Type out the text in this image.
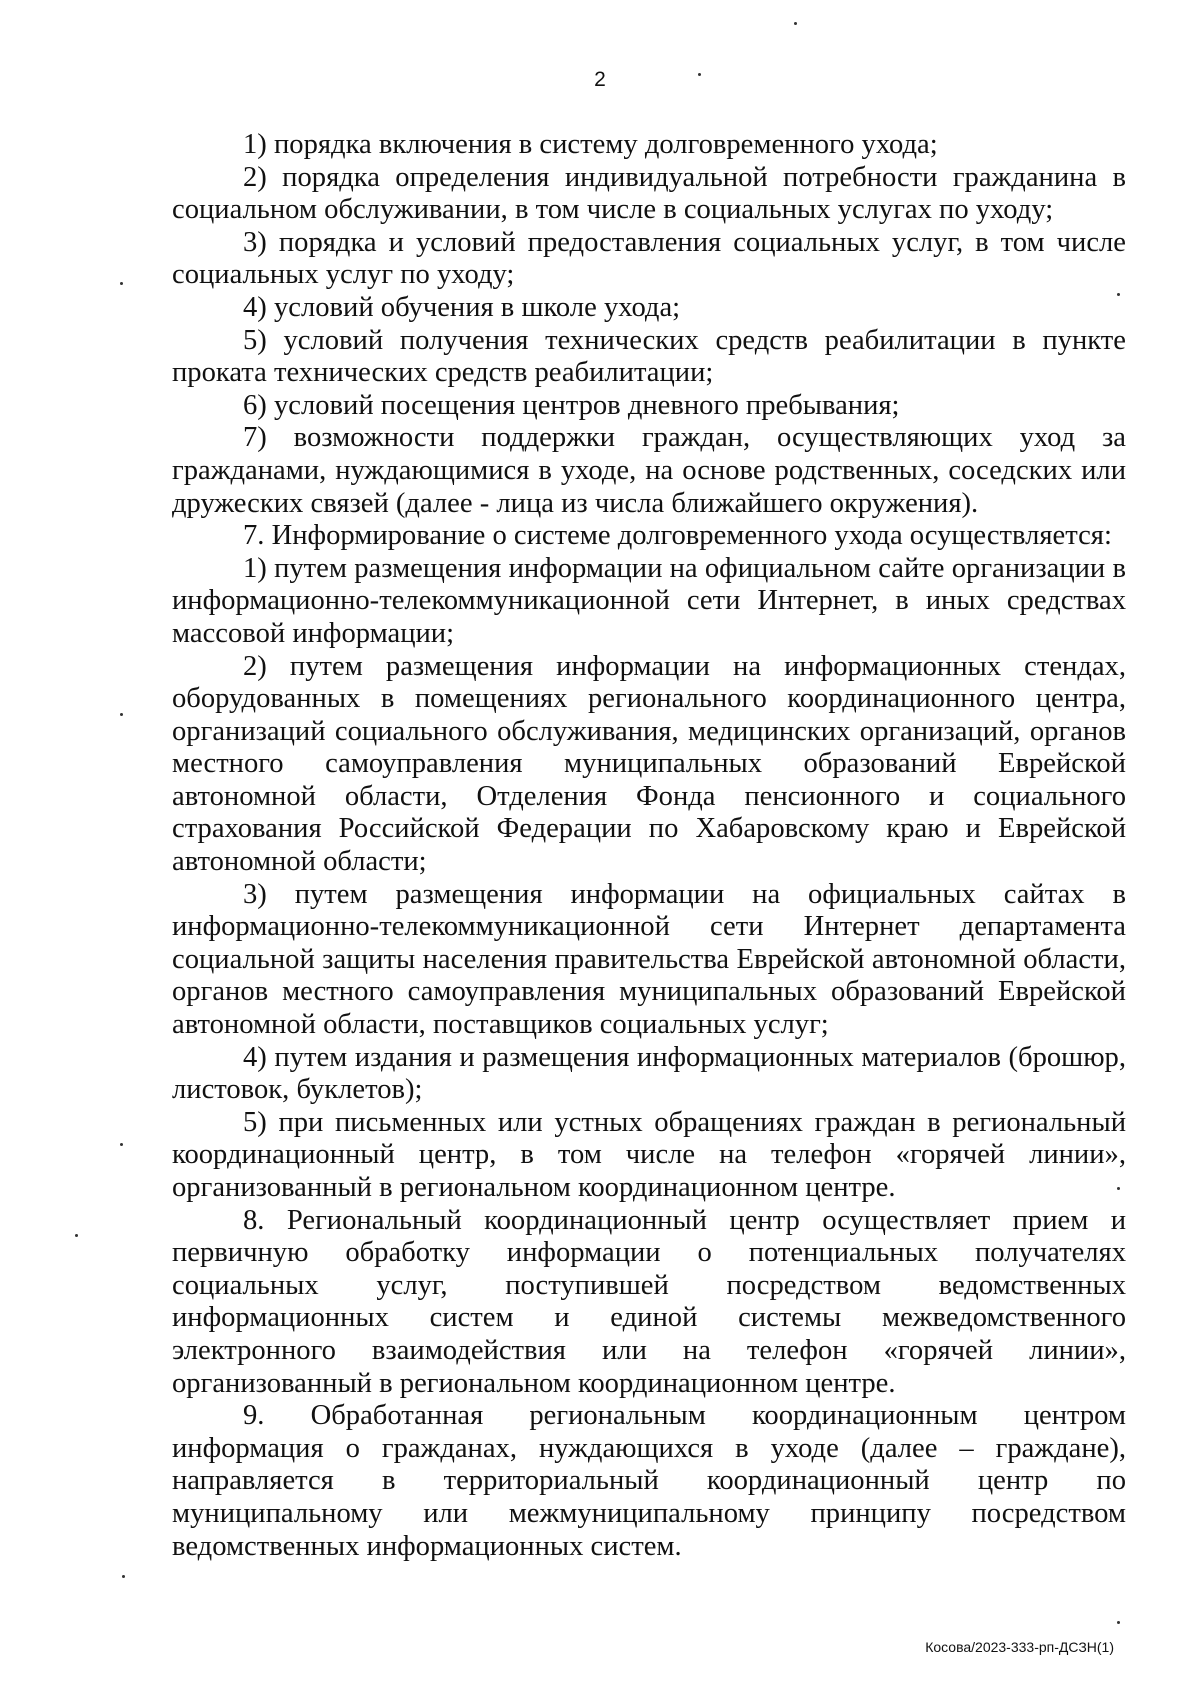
2

1) порядка включения в систему долговременного ухода;

2) порядка определения индивидуальной потребности гражданина в социальном обслуживании, в том числе в социальных услугах по уходу;

3) порядка и условий предоставления социальных услуг, в том числе социальных услуг по уходу;

4) условий обучения в школе ухода;

5) условий получения технических средств реабилитации в пункте проката технических средств реабилитации;

6) условий посещения центров дневного пребывания;

7) возможности поддержки граждан, осуществляющих уход за гражданами, нуждающимися в уходе, на основе родственных, соседских или дружеских связей (далее - лица из числа ближайшего окружения).

7. Информирование о системе долговременного ухода осуществляется:

1) путем размещения информации на официальном сайте организации в информационно-телекоммуникационной сети Интернет, в иных средствах массовой информации;

2) путем размещения информации на информационных стендах, оборудованных в помещениях регионального координационного центра, организаций социального обслуживания, медицинских организаций, органов местного самоуправления муниципальных образований Еврейской автономной области, Отделения Фонда пенсионного и социального страхования Российской Федерации по Хабаровскому краю и Еврейской автономной области;

3) путем размещения информации на официальных сайтах в информационно-телекоммуникационной сети Интернет департамента социальной защиты населения правительства Еврейской автономной области, органов местного самоуправления муниципальных образований Еврейской автономной области, поставщиков социальных услуг;

4) путем издания и размещения информационных материалов (брошюр, листовок, буклетов);

5) при письменных или устных обращениях граждан в региональный координационный центр, в том числе на телефон «горячей линии», организованный в региональном координационном центре.

8. Региональный координационный центр осуществляет прием и первичную обработку информации о потенциальных получателях социальных услуг, поступившей посредством ведомственных информационных систем и единой системы межведомственного электронного взаимодействия или на телефон «горячей линии», организованный в региональном координационном центре.

9. Обработанная региональным координационным центром информация о гражданах, нуждающихся в уходе (далее – граждане), направляется в территориальный координационный центр по муниципальному или межмуниципальному принципу посредством ведомственных информационных систем.

Косова/2023-333-рп-ДСЗН(1)
